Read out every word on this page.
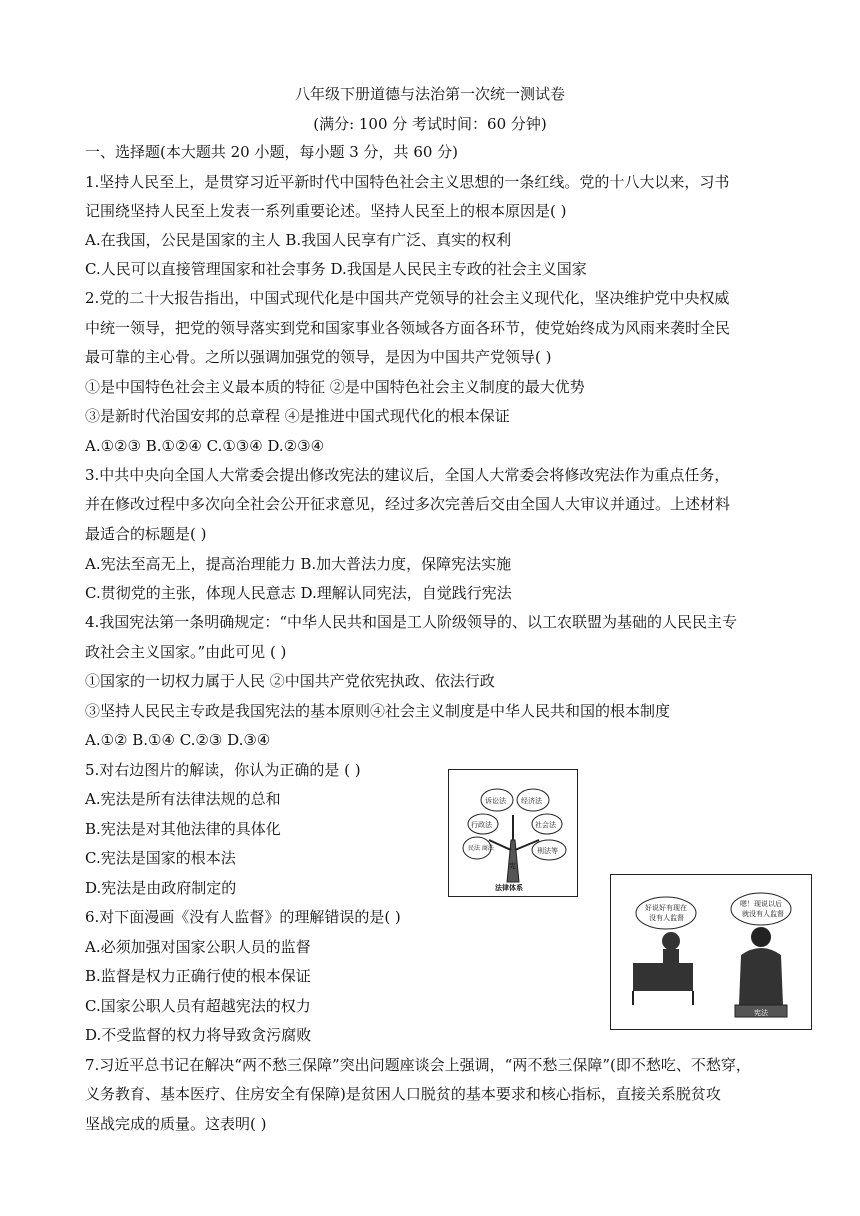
八年级下册道德与法治第一次统一测试卷
(满分: 100 分 考试时间：60 分钟)
一、选择题(本大题共 20 小题，每小题 3 分，共 60 分)
1.坚持人民至上，是贯穿习近平新时代中国特色社会主义思想的一条红线。党的十八大以来，习书
记围绕坚持人民至上发表一系列重要论述。坚持人民至上的根本原因是( )
A.在我国，公民是国家的主人 B.我国人民享有广泛、真实的权利
C.人民可以直接管理国家和社会事务 D.我国是人民民主专政的社会主义国家
2.党的二十大报告指出，中国式现代化是中国共产党领导的社会主义现代化，坚决维护党中央权威
中统一领导，把党的领导落实到党和国家事业各领域各方面各环节，使党始终成为风雨来袭时全民
最可靠的主心骨。之所以强调加强党的领导，是因为中国共产党领导( )
①是中国特色社会主义最本质的特征 ②是中国特色社会主义制度的最大优势
③是新时代治国安邦的总章程 ④是推进中国式现代化的根本保证
A.①②③ B.①②④ C.①③④ D.②③④
3.中共中央向全国人大常委会提出修改宪法的建议后，全国人大常委会将修改宪法作为重点任务，
并在修改过程中多次向全社会公开征求意见，经过多次完善后交由全国人大审议并通过。上述材料
最适合的标题是( )
A.宪法至高无上，提高治理能力 B.加大普法力度，保障宪法实施
C.贯彻党的主张，体现人民意志 D.理解认同宪法，自觉践行宪法
4.我国宪法第一条明确规定：“中华人民共和国是工人阶级领导的、以工农联盟为基础的人民民主专
政社会主义国家。”由此可见 ( )
①国家的一切权力属于人民 ②中国共产党依宪执政、依法行政
③坚持人民民主专政是我国宪法的基本原则④社会主义制度是中华人民共和国的根本制度
A.①② B.①④ C.②③ D.③④
5.对右边图片的解读，你认为正确的是 ( )
A.宪法是所有法律法规的总和
B.宪法是对其他法律的具体化
C.宪法是国家的根本法
D.宪法是由政府制定的
6.对下面漫画《没有人监督》的理解错误的是( )
A.必须加强对国家公职人员的监督
B.监督是权力正确行使的根本保证
C.国家公职人员有超越宪法的权力
D.不受监督的权力将导致贪污腐败
7.习近平总书记在解决“两不愁三保障”突出问题座谈会上强调，“两不愁三保障”(即不愁吃、不愁穿，
义务教育、基本医疗、住房安全有保障)是贫困人口脱贫的基本要求和核心指标，直接关系脱贫攻
坚战完成的质量。这表明( )
诉讼法 经济法
行政法	社会法
民法 商法
宪
刑法等
法律体系
好说好有现在
没有人监督
嗯！现说以后
就没有人监督
宪法
